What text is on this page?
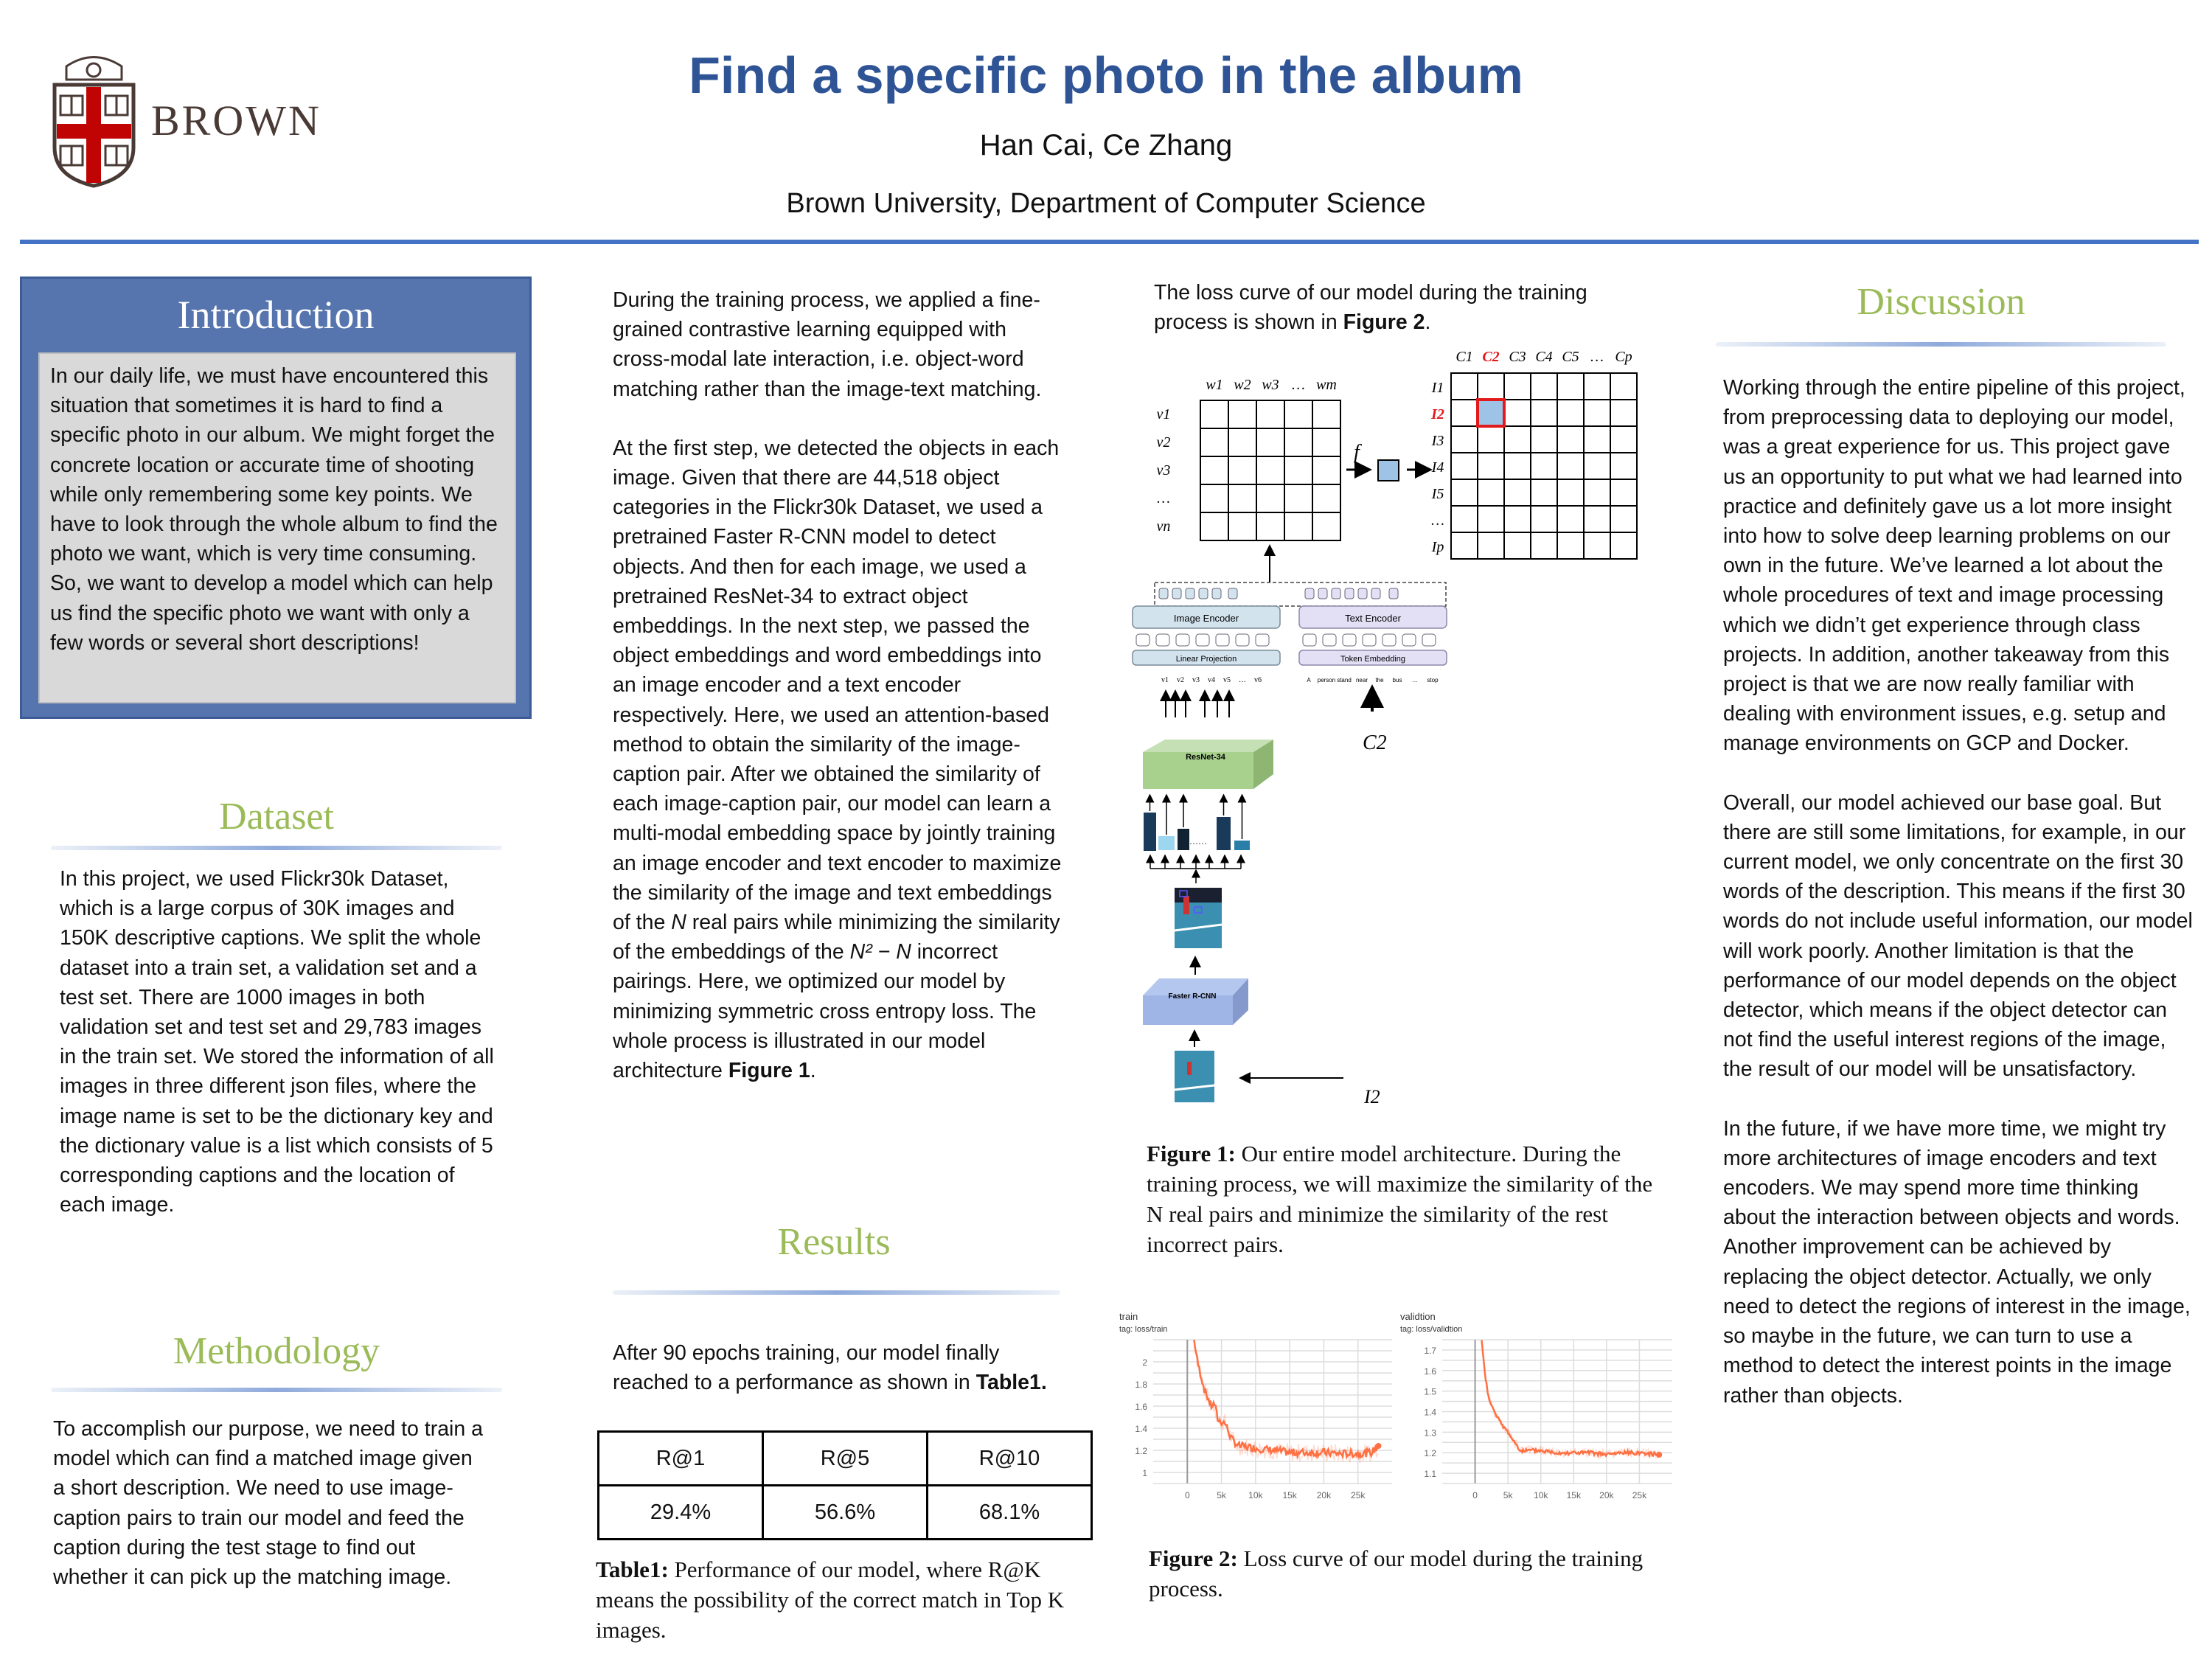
BROWN
Find a specific photo in the album
Han Cai, Ce Zhang
Brown University, Department of Computer Science
Introduction
In our daily life, we must have encountered this situation that sometimes it is hard to find a specific photo in our album. We might forget the concrete location or accurate time of shooting while only remembering some key points. We have to look through the whole album to find the photo we want, which is very time consuming. So, we want to develop a model which can help us find the specific photo we want with only a few words or several short descriptions!
Dataset
In this project, we used Flickr30k Dataset, which is a large corpus of 30K images and 150K descriptive captions. We split the whole dataset into a train set, a validation set and a test set. There are 1000 images in both validation set and test set and 29,783 images in the train set. We stored the information of all images in three different json files, where the image name is set to be the dictionary key and the dictionary value is a list which consists of 5 corresponding captions and the location of each image.
Methodology
To accomplish our purpose, we need to train a model which can find a matched image given a short description. We need to use image-caption pairs to train our model and feed the caption during the test stage to find out whether it can pick up the matching image.

During the training process, we applied a fine-grained contrastive learning equipped with cross-modal late interaction, i.e. object-word matching rather than the image-text matching.

At the first step, we detected the objects in each image. Given that there are 44,518 object categories in the Flickr30k Dataset, we used a pretrained Faster R-CNN model to detect objects. And then for each image, we used a pretrained ResNet-34 to extract object embeddings. In the next step, we passed the object embeddings and word embeddings into an image encoder and a text encoder respectively. Here, we used an attention-based method to obtain the similarity of the image-caption pair. After we obtained the similarity of each image-caption pair, our model can learn a multi-modal embedding space by jointly training an image encoder and text encoder to maximize the similarity of the image and text embeddings of the N real pairs while minimizing the similarity of the embeddings of the N² − N incorrect pairings. Here, we optimized our model by minimizing symmetric cross entropy loss. The whole process is illustrated in our model architecture Figure 1.

Results
After 90 epochs training, our model finally reached to a performance as shown in Table1.
R@1	R@5	R@10
29.4%	56.6%	68.1%
Table1: Performance of our model, where R@K means the possibility of the correct match in Top K images.
The loss curve of our model during the training process is shown in Figure 2.
w1 w2 w3 … wm
v1
v2
v3
…
vn
C1 C2 C3 C4 C5 … Cp
I1
I2
I3
I4
I5
…
Ip
f
Image Encoder	Text Encoder
Linear Projection	Token Embedding
v1 v2 v3 v4 v5 … v6	A person stand near the bus … stop
C2
ResNet-34
……
Faster R-CNN
I2
Figure 1: Our entire model architecture. During the training process, we will maximize the similarity of the N real pairs and minimize the similarity of the rest incorrect pairs.
train
tag: loss/train
0	5k	10k 15k 20k 25k
1
1.2
1.4
1.6
1.8
2
validtion
tag: loss/validtion
0	5k 10k 15k 20k 25k
1.1
1.2
1.3
1.4
1.5
1.6
1.7
Figure 2: Loss curve of our model during the training process.
Discussion

Working through the entire pipeline of this project, from preprocessing data to deploying our model, was a great experience for us. This project gave us an opportunity to put what we had learned into practice and definitely gave us a lot more insight into how to solve deep learning problems on our own in the future. We’ve learned a lot about the whole procedures of text and image processing which we didn’t get experience through class projects. In addition, another takeaway from this project is that we are now really familiar with dealing with environment issues, e.g. setup and manage environments on GCP and Docker.

Overall, our model achieved our base goal. But there are still some limitations, for example, in our current model, we only concentrate on the first 30 words of the description. This means if the first 30 words do not include useful information, our model will work poorly. Another limitation is that the performance of our model depends on the object detector, which means if the object detector can not find the useful interest regions of the image, the result of our model will be unsatisfactory.

In the future, if we have more time, we might try more architectures of image encoders and text encoders. We may spend more time thinking about the interaction between objects and words. Another improvement can be achieved by replacing the object detector. Actually, we only need to detect the regions of interest in the image, so maybe in the future, we can turn to use a method to detect the interest points in the image rather than objects.
